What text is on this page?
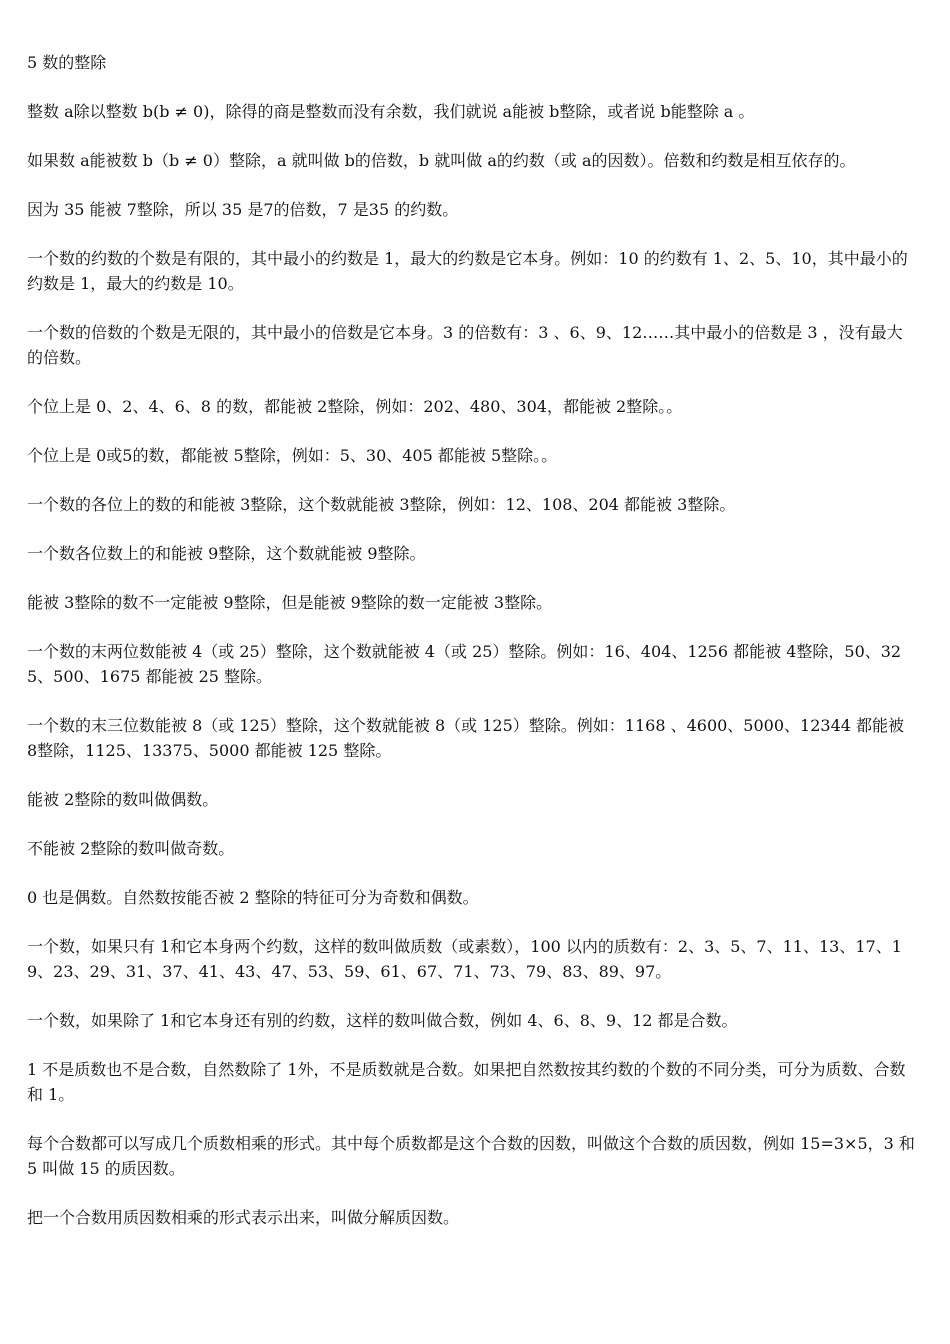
5 数的整除

整数 a除以整数 b(b ≠ 0)，除得的商是整数而没有余数，我们就说 a能被 b整除，或者说 b能整除 a 。

如果数 a能被数 b（b ≠ 0）整除，a 就叫做 b的倍数，b 就叫做 a的约数（或 a的因数）。倍数和约数是相互依存的。

因为 35 能被 7整除，所以 35 是7的倍数，7 是35 的约数。

一个数的约数的个数是有限的，其中最小的约数是 1，最大的约数是它本身。例如：10 的约数有 1、2、5、10，其中最小的约数是 1，最大的约数是 10。

一个数的倍数的个数是无限的，其中最小的倍数是它本身。3 的倍数有：3 、6、9、12……其中最小的倍数是 3 ，没有最大的倍数。

个位上是 0、2、4、6、8 的数，都能被 2整除，例如：202、480、304，都能被 2整除。。

个位上是 0或5的数，都能被 5整除，例如：5、30、405 都能被 5整除。。

一个数的各位上的数的和能被 3整除，这个数就能被 3整除，例如：12、108、204 都能被 3整除。

一个数各位数上的和能被 9整除，这个数就能被 9整除。

能被 3整除的数不一定能被 9整除，但是能被 9整除的数一定能被 3整除。

一个数的末两位数能被 4（或 25）整除，这个数就能被 4（或 25）整除。例如：16、404、1256 都能被 4整除，50、325、500、1675 都能被 25 整除。

一个数的末三位数能被 8（或 125）整除，这个数就能被 8（或 125）整除。例如：1168 、4600、5000、12344 都能被 8整除，1125、13375、5000 都能被 125 整除。

能被 2整除的数叫做偶数。

不能被 2整除的数叫做奇数。

0 也是偶数。自然数按能否被 2 整除的特征可分为奇数和偶数。

一个数，如果只有 1和它本身两个约数，这样的数叫做质数（或素数），100 以内的质数有：2、3、5、7、11、13、17、19、23、29、31、37、41、43、47、53、59、61、67、71、73、79、83、89、97。

一个数，如果除了 1和它本身还有别的约数，这样的数叫做合数，例如 4、6、8、9、12 都是合数。

1 不是质数也不是合数，自然数除了 1外，不是质数就是合数。如果把自然数按其约数的个数的不同分类，可分为质数、合数和 1。

每个合数都可以写成几个质数相乘的形式。其中每个质数都是这个合数的因数，叫做这个合数的质因数，例如 15=3×5，3 和5 叫做 15 的质因数。

把一个合数用质因数相乘的形式表示出来，叫做分解质因数。
